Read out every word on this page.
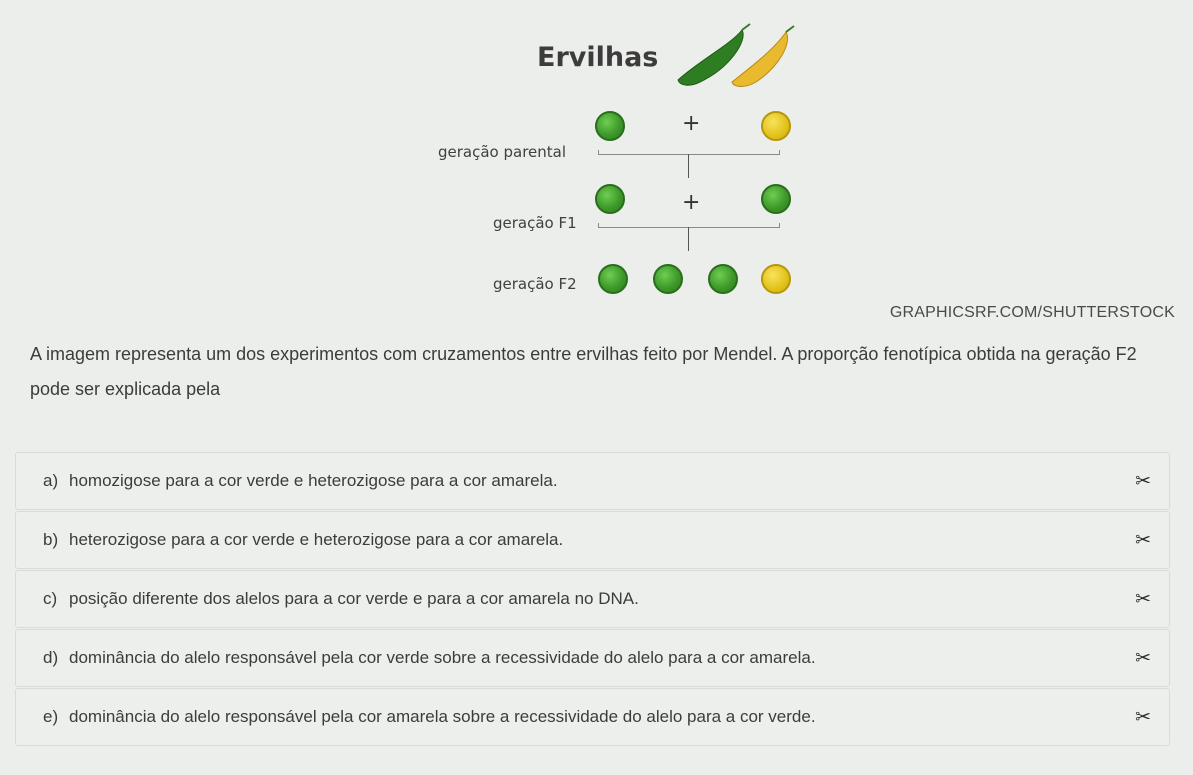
Ervilhas
geração parental
+
geração F1
+
geração F2
GRAPHICSRF.COM/SHUTTERSTOCK
A imagem representa um dos experimentos com cruzamentos entre ervilhas feito por Mendel. A proporção fenotípica obtida na geração F2 pode ser explicada pela
a) homozigose para a cor verde e heterozigose para a cor amarela.	✂
b) heterozigose para a cor verde e heterozigose para a cor amarela.	✂
c) posição diferente dos alelos para a cor verde e para a cor amarela no DNA.	✂
d) dominância do alelo responsável pela cor verde sobre a recessividade do alelo para a cor amarela.	✂
e) dominância do alelo responsável pela cor amarela sobre a recessividade do alelo para a cor verde.	✂
